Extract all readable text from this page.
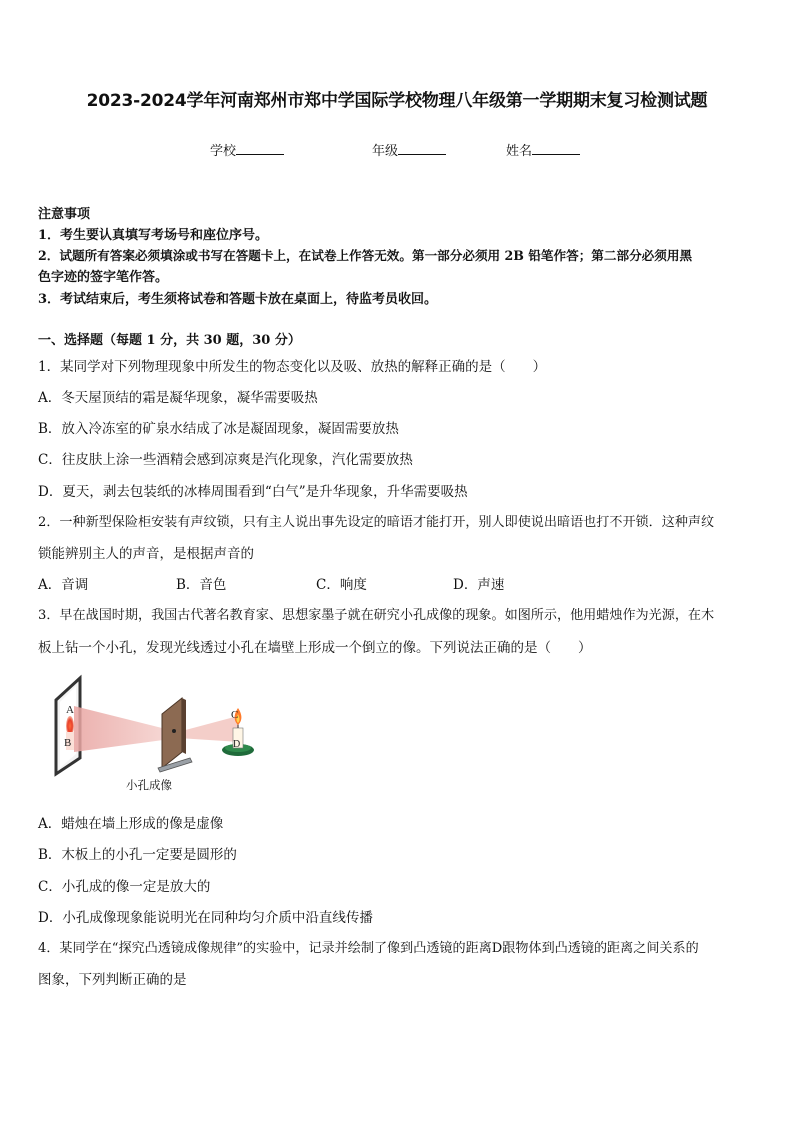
2023-2024学年河南郑州市郑中学国际学校物理八年级第一学期期末复习检测试题
学校	年级	姓名
注意事项
1．考生要认真填写考场号和座位序号。
2．试题所有答案必须填涂或书写在答题卡上，在试卷上作答无效。第一部分必须用 2B 铅笔作答；第二部分必须用黑
色字迹的签字笔作答。
3．考试结束后，考生须将试卷和答题卡放在桌面上，待监考员收回。
一、选择题（每题 1 分，共 30 题，30 分）
1．某同学对下列物理现象中所发生的物态变化以及吸、放热的解释正确的是（　　）
A．冬天屋顶结的霜是凝华现象，凝华需要吸热
B．放入冷冻室的矿泉水结成了冰是凝固现象，凝固需要放热
C．往皮肤上涂一些酒精会感到凉爽是汽化现象，汽化需要放热
D．夏天，剥去包装纸的冰棒周围看到“白气”是升华现象，升华需要吸热
2．一种新型保险柜安装有声纹锁，只有主人说出事先设定的暗语才能打开，别人即使说出暗语也打不开锁．这种声纹
锁能辨别主人的声音，是根据声音的
A．音调	B．音色	C．响度	D．声速
3．早在战国时期，我国古代著名教育家、思想家墨子就在研究小孔成像的现象。如图所示，他用蜡烛作为光源，在木
板上钻一个小孔，发现光线透过小孔在墙壁上形成一个倒立的像。下列说法正确的是（　　）
A
B
C
D
小孔成像
A．蜡烛在墙上形成的像是虚像
B．木板上的小孔一定要是圆形的
C．小孔成的像一定是放大的
D．小孔成像现象能说明光在同种均匀介质中沿直线传播
4．某同学在“探究凸透镜成像规律”的实验中，记录并绘制了像到凸透镜的距离D跟物体到凸透镜的距离之间关系的
图象，下列判断正确的是
